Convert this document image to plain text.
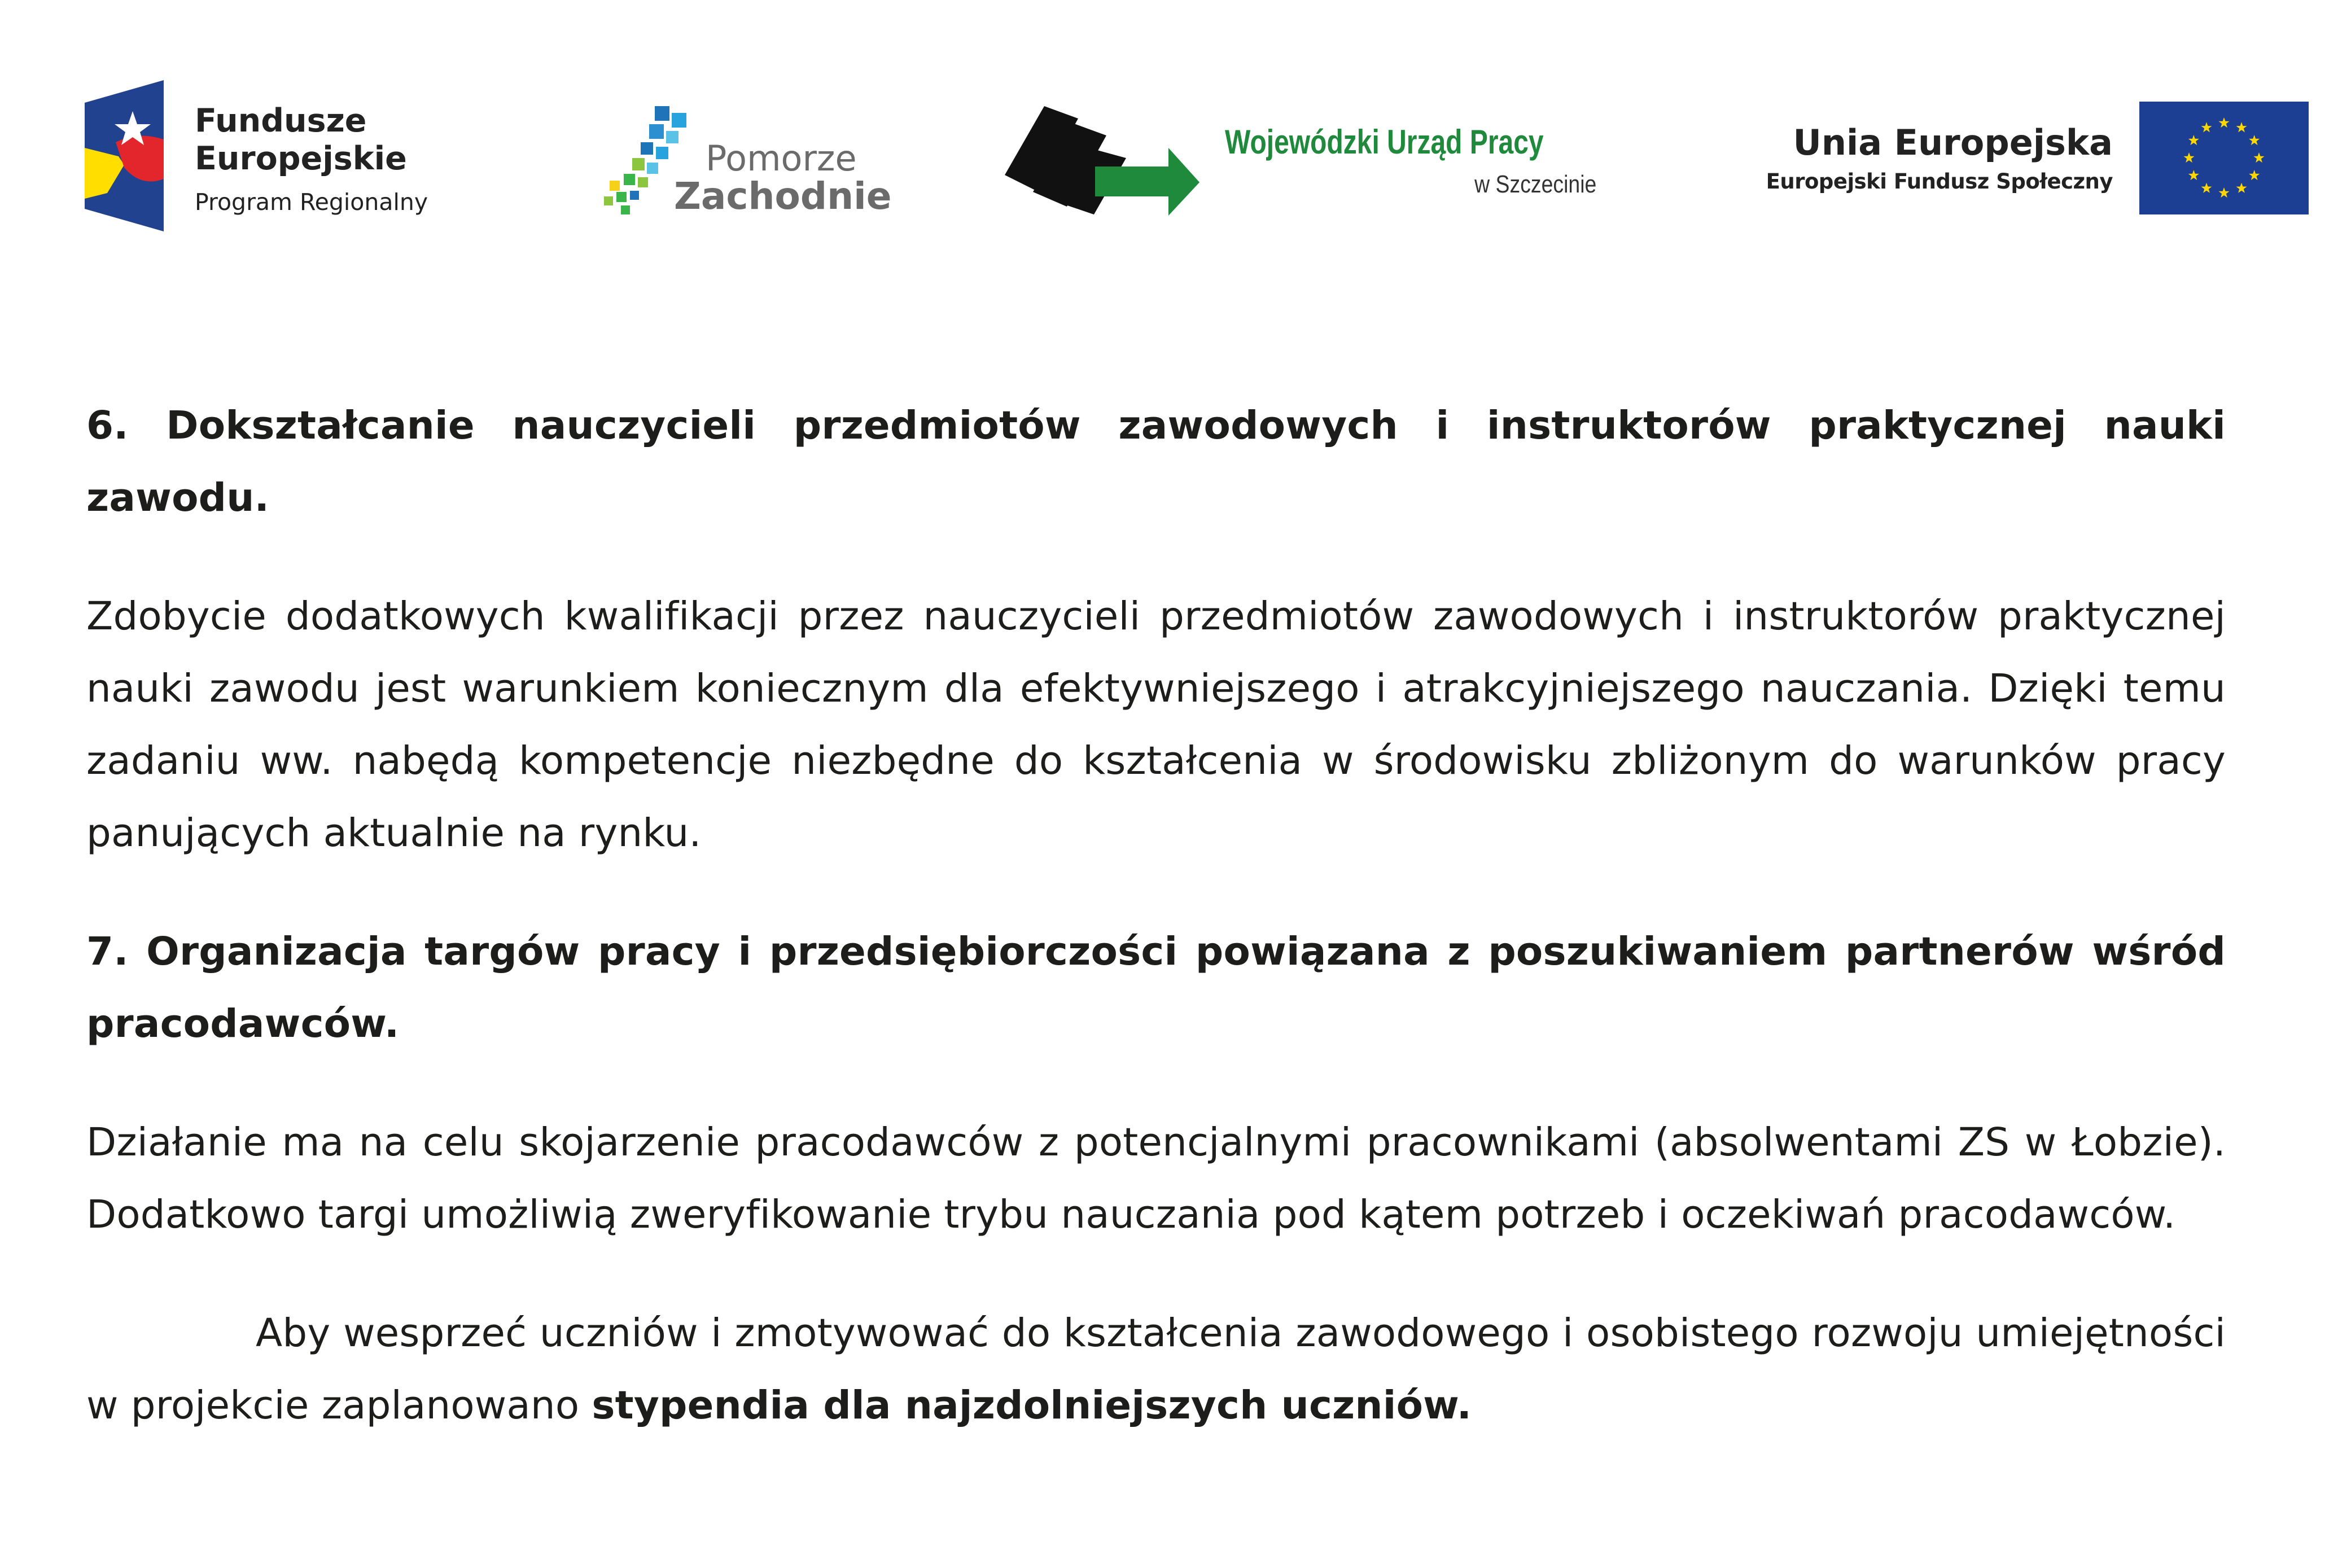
Fundusze
Europejskie
Program Regionalny
Pomorze
Zachodnie
Wojewódzki Urząd Pracy
w Szczecinie
Unia Europejska
Europejski Fundusz Społeczny

6. Dokształcanie nauczycieli przedmiotów zawodowych i instruktorów praktycznej nauki zawodu.

Zdobycie dodatkowych kwalifikacji przez nauczycieli przedmiotów zawodowych i instruktorów praktycznej nauki zawodu jest warunkiem koniecznym dla efektywniejszego i atrakcyjniejszego nauczania. Dzięki temu zadaniu ww. nabędą kompetencje niezbędne do kształcenia w środowisku zbliżonym do warunków pracy panujących aktualnie na rynku.

7. Organizacja targów pracy i przedsiębiorczości powiązana z poszukiwaniem partnerów wśród pracodawców.

Działanie ma na celu skojarzenie pracodawców z potencjalnymi pracownikami (absolwentami ZS w Łobzie). Dodatkowo targi umożliwią zweryfikowanie trybu nauczania pod kątem potrzeb i oczekiwań pracodawców.

Aby wesprzeć uczniów i zmotywować do kształcenia zawodowego i osobistego rozwoju umiejętności w projekcie zaplanowano stypendia dla najzdolniejszych uczniów.
